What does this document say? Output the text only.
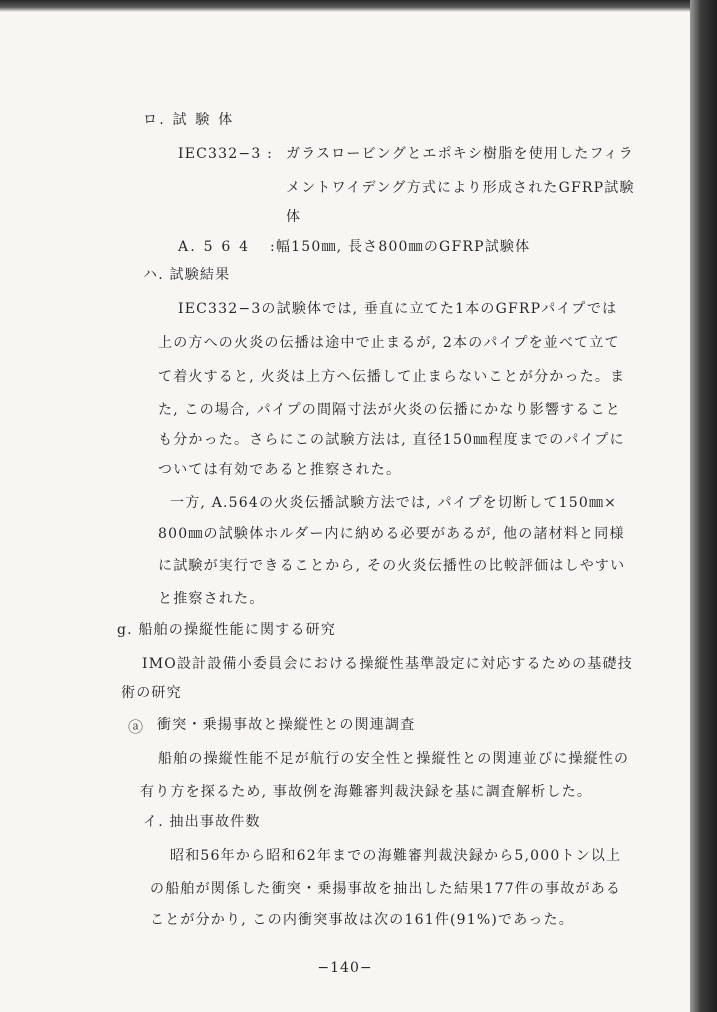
ロ. 試 験 体
IEC332−3 : ガラスロービングとエポキシ樹脂を使用したフィラ
メントワイデング方式により形成されたGFRP試験
体
A. 5 6 4 :幅150㎜, 長さ800㎜のGFRP試験体
ハ. 試験結果
IEC332−3の試験体では, 垂直に立てた1本のGFRPパイプでは
上の方への火炎の伝播は途中で止まるが, 2本のパイプを並べて立て
て着火すると, 火炎は上方へ伝播して止まらないことが分かった。ま
た, この場合, パイプの間隔寸法が火炎の伝播にかなり影響すること
も分かった。さらにこの試験方法は, 直径150㎜程度までのパイプに
ついては有効であると推察された。
一方, A.564の火炎伝播試験方法では, パイプを切断して150㎜×
800㎜の試験体ホルダー内に納める必要があるが, 他の諸材料と同様
に試験が実行できることから, その火炎伝播性の比較評価はしやすい
と推察された。
g. 船舶の操縦性能に関する研究
IMO設計設備小委員会における操縦性基準設定に対応するための基礎技
術の研究
ⓐ 衝突・乗揚事故と操縦性との関連調査
船舶の操縦性能不足が航行の安全性と操縦性との関連並びに操縦性の
有り方を探るため, 事故例を海難審判裁決録を基に調査解析した。
イ. 抽出事故件数
昭和56年から昭和62年までの海難審判裁決録から5,000トン以上
の船舶が関係した衝突・乗揚事故を抽出した結果177件の事故がある
ことが分かり, この内衝突事故は次の161件(91%)であった。
−140−
